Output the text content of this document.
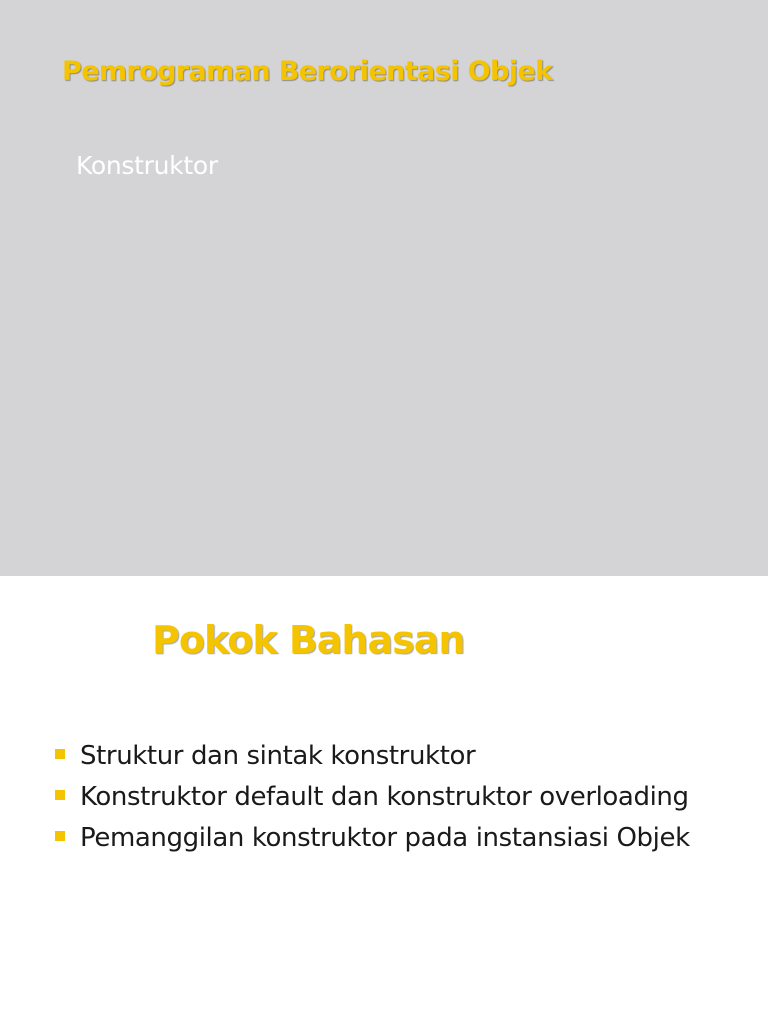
Pemrograman Berorientasi Objek
Konstruktor
Pokok Bahasan
Struktur dan sintak konstruktor
Konstruktor default dan konstruktor overloading
Pemanggilan konstruktor pada instansiasi Objek
